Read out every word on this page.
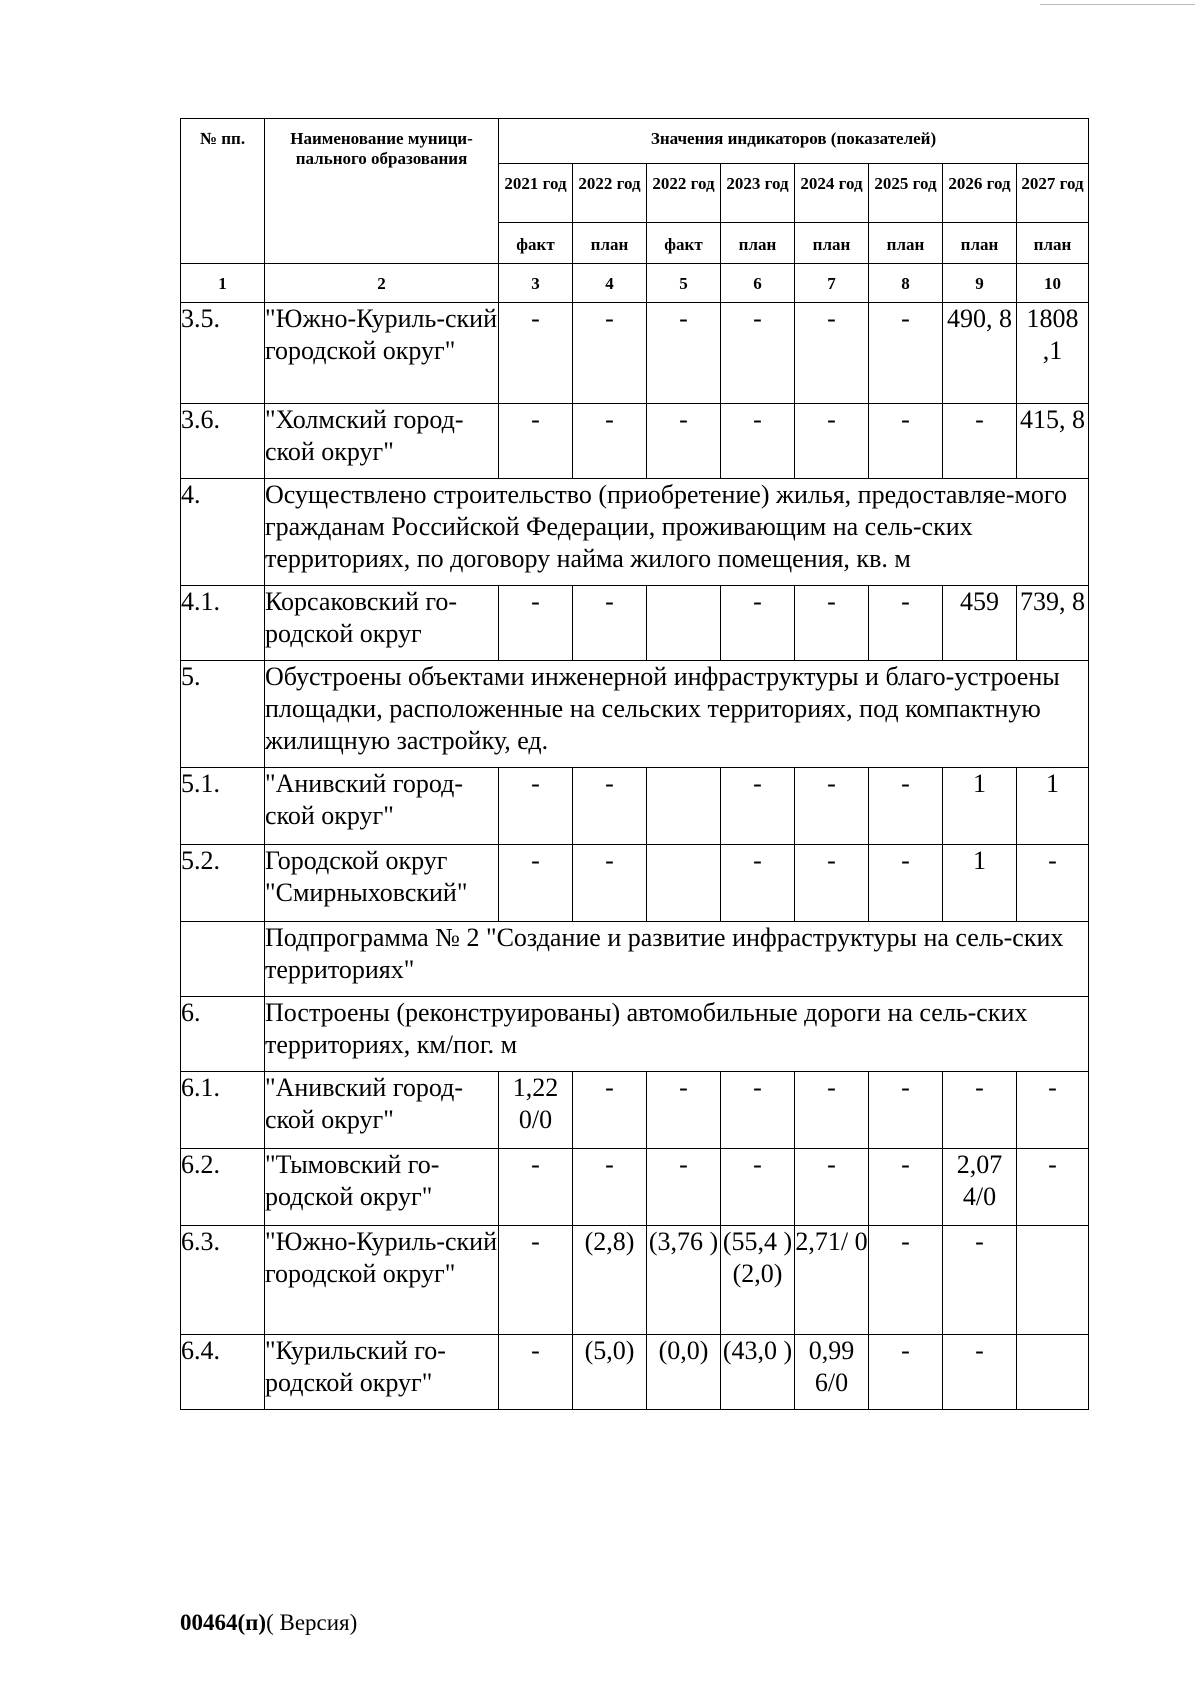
№ пп.	Наименование муници-пального образования	Значения индикаторов (показателей)							
		2021 год	2022 год	2022 год	2023 год	2024 год	2025 год	2026 год	2027 год
		факт	план	факт	план	план	план	план	план
1	2	3	4	5	6	7	8	9	10
3.5.	"Южно-Куриль-ский городской округ"	-	-	-	-	-	-	490, 8	1808 ,1
3.6.	"Холмский город-ской округ"	-	-	-	-	-	-	-	415, 8
4.	Осуществлено строительство (приобретение) жилья, предоставляе-мого гражданам Российской Федерации, проживающим на сель-ских территориях, по договору найма жилого помещения, кв. м								
4.1.	Корсаковский го-родской округ	-	-		-	-	-	459	739, 8
5.	Обустроены объектами инженерной инфраструктуры и благо-устроены площадки, расположенные на сельских территориях, под компактную жилищную застройку, ед.								
5.1.	"Анивский город-ской округ"	-	-		-	-	-	1	1
5.2.	Городской округ "Смирныховский"	-	-		-	-	-	1	-
	Подпрограмма № 2 "Создание и развитие инфраструктуры на сель-ских территориях"								
6.	Построены (реконструированы) автомобильные дороги на сель-ских территориях, км/пог. м								
6.1.	"Анивский город-ской округ"	1,22 0/0	-	-	-	-	-	-	-
6.2.	"Тымовский го-родской округ"	-	-	-	-	-	-	2,07 4/0	-
6.3.	"Южно-Куриль-ский городской округ"	-	(2,8)	(3,76 )	(55,4 ) (2,0)	2,71/ 0	-	-	
6.4.	"Курильский го-родской округ"	-	(5,0)	(0,0)	(43,0 )	0,99 6/0	-	-	
00464(п)( Версия)
